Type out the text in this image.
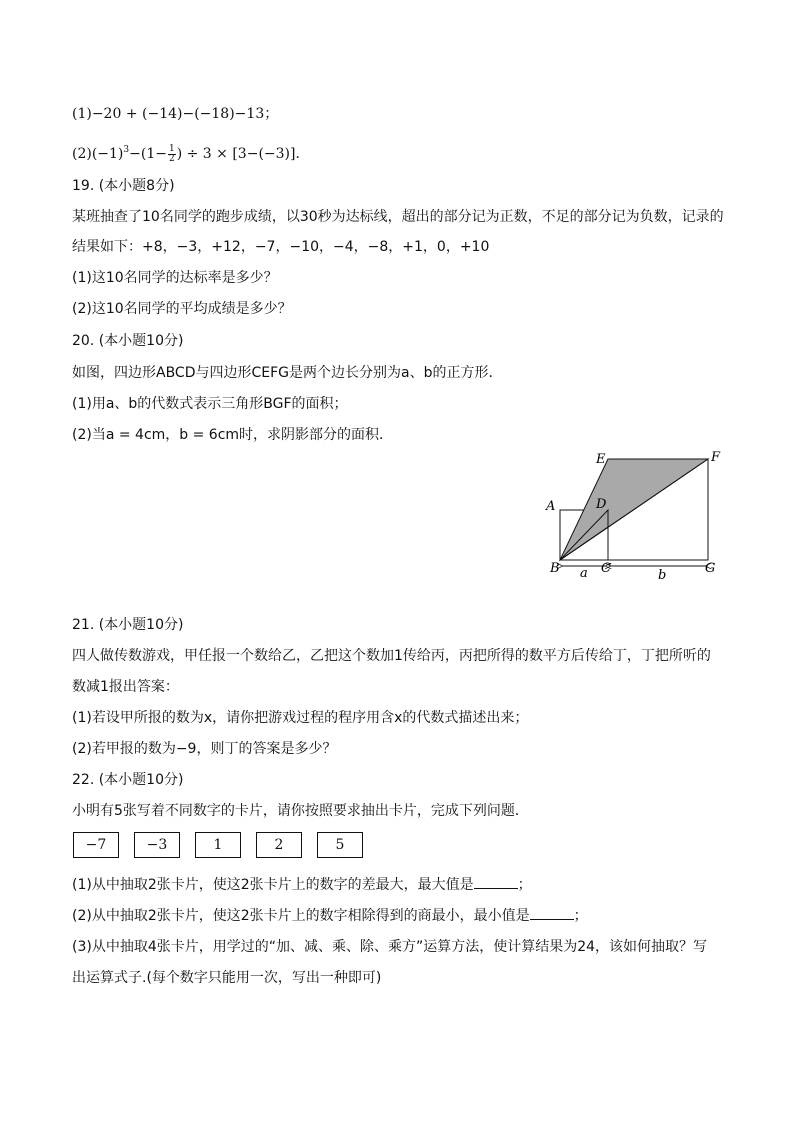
(1)−20 + (−14)−(−18)−13；
$(2)(-1)^3-(1- \frac{1}{2}$ ) ÷ 3 × [3−(−3)]．
19. (本小题8分)
某班抽查了10名同学的跑步成绩，以30秒为达标线，超出的部分记为正数，不足的部分记为负数，记录的
结果如下：+8，−3，+12，−7，−10，−4，−8，+1，0，+10
(1)这10名同学的达标率是多少？
(2)这10名同学的平均成绩是多少？
20. (本小题10分)
如图，四边形ABCD与四边形CEFG是两个边长分别为a、b的正方形．
(1)用a、b的代数式表示三角形BGF的面积；
(2)当a = 4cm，b = 6cm时，求阴影部分的面积．
A	D
E	F
B	C	G
a	b
21. (本小题10分)
四人做传数游戏，甲任报一个数给乙，乙把这个数加1传给丙，丙把所得的数平方后传给丁，丁把所听的
数减1报出答案：
(1)若设甲所报的数为x，请你把游戏过程的程序用含x的代数式描述出来；
(2)若甲报的数为−9，则丁的答案是多少？
22. (本小题10分)
小明有5张写着不同数字的卡片，请你按照要求抽出卡片，完成下列问题．
−7	−3	1	2	5
(1)从中抽取2张卡片，使这2张卡片上的数字的差最大，最大值是	；
(2)从中抽取2张卡片，使这2张卡片上的数字相除得到的商最小，最小值是	；
(3)从中抽取4张卡片，用学过的“加、减、乘、除、乘方”运算方法，使计算结果为24，该如何抽取？写
出运算式子.(每个数字只能用一次，写出一种即可)
